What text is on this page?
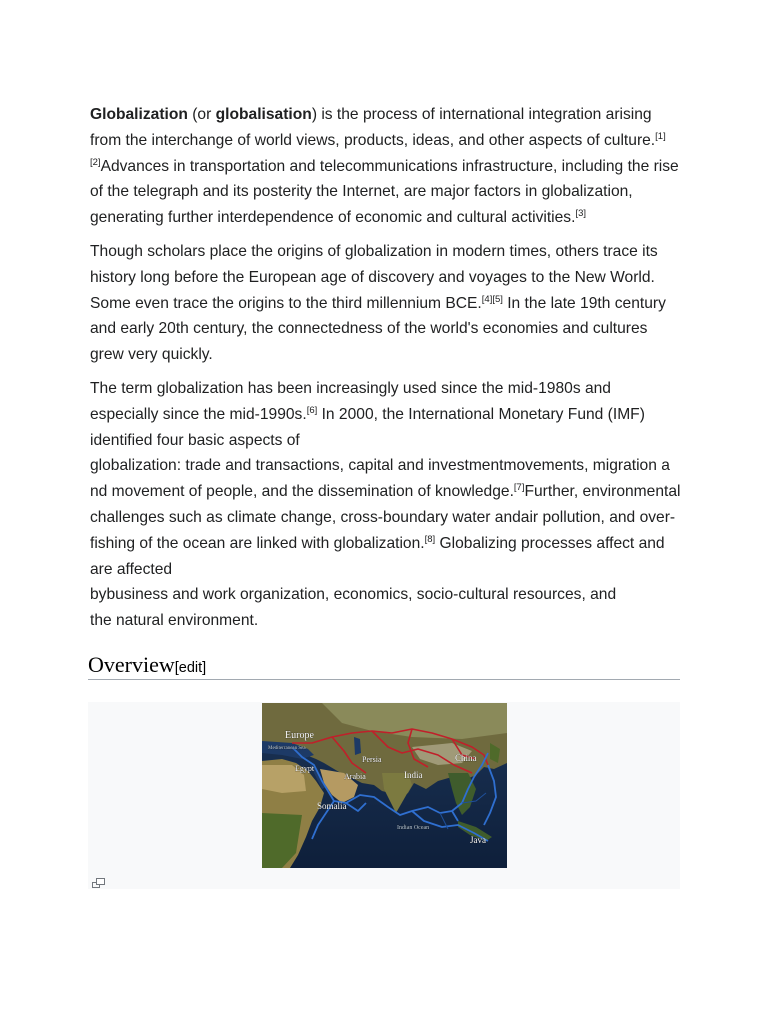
Globalization (or globalisation) is the process of international integration arising from the interchange of world views, products, ideas, and other aspects of culture.[1][2]Advances in transportation and telecommunications infrastructure, including the rise of the telegraph and its posterity the Internet, are major factors in globalization, generating further interdependence of economic and cultural activities.[3]

Though scholars place the origins of globalization in modern times, others trace its history long before the European age of discovery and voyages to the New World. Some even trace the origins to the third millennium BCE.[4][5] In the late 19th century and early 20th century, the connectedness of the world's economies and cultures grew very quickly.

The term globalization has been increasingly used since the mid-1980s and especially since the mid-1990s.[6] In 2000, the International Monetary Fund (IMF) identified four basic aspects of
globalization: trade and transactions, capital and investmentmovements, migration a nd movement of people, and the dissemination of knowledge.[7]Further, environmental challenges such as climate change, cross-boundary water andair pollution, and over-fishing of the ocean are linked with globalization.[8] Globalizing processes affect and are affected
bybusiness and work organization, economics, socio-cultural resources, and
the natural environment.

Overview[edit]
Europe
Mediterranean Sea
Egypt
Persia
Arabia	India
China
Somalia
Indian Ocean
Java
